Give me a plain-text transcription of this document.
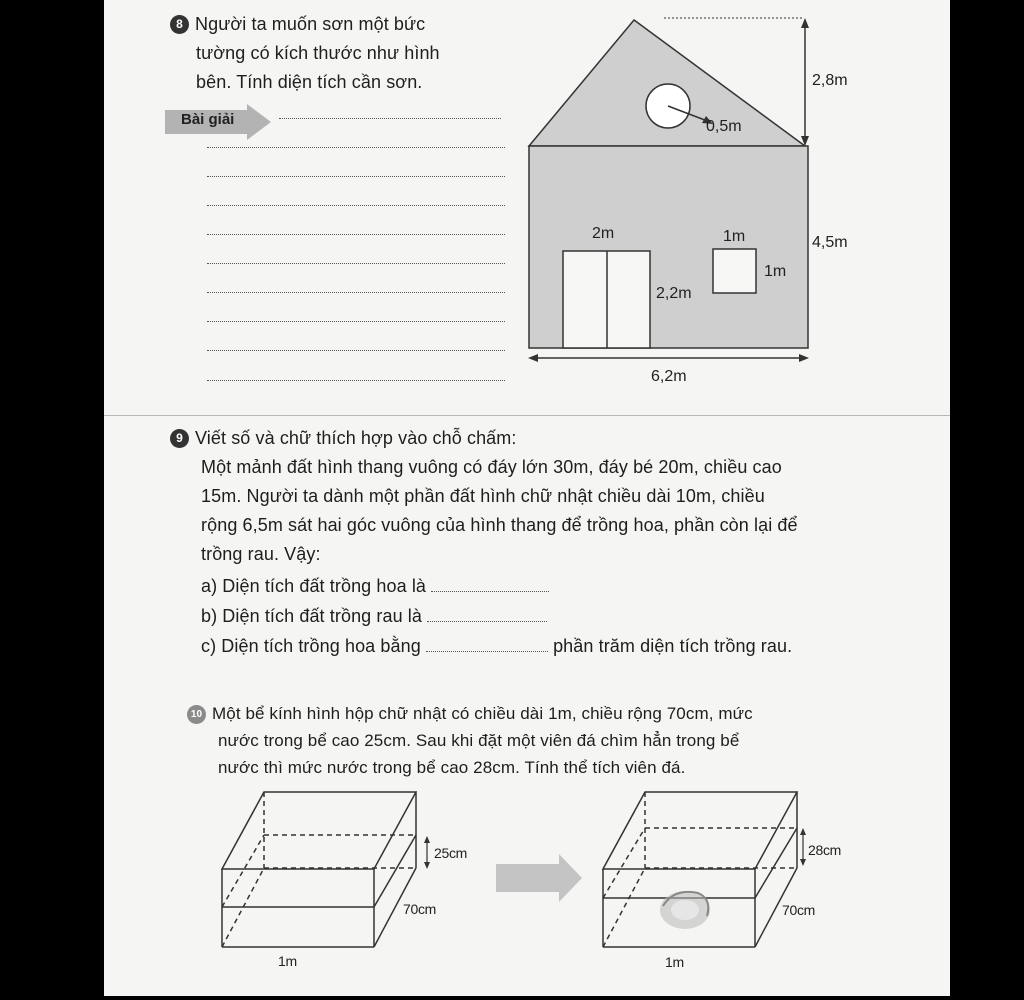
8 Người ta muốn sơn một bức
tường có kích thước như hình
bên. Tính diện tích cần sơn.
Bài giải
2,8m
0,5m
4,5m
2m	1m
1m
2,2m
6,2m
9 Viết số và chữ thích hợp vào chỗ chấm:

Một mảnh đất hình thang vuông có đáy lớn 30m, đáy bé 20m, chiều cao
15m. Người ta dành một phần đất hình chữ nhật chiều dài 10m, chiều
rộng 6,5m sát hai góc vuông của hình thang để trồng hoa, phần còn lại để
trồng rau. Vậy:

a) Diện tích đất trồng hoa là
b) Diện tích đất trồng rau là
c) Diện tích trồng hoa bằng	phần trăm diện tích trồng rau.
10 Một bể kính hình hộp chữ nhật có chiều dài 1m, chiều rộng 70cm, mức
nước trong bể cao 25cm. Sau khi đặt một viên đá chìm hẳn trong bể
nước thì mức nước trong bể cao 28cm. Tính thể tích viên đá.
25cm
70cm
1m
28cm
70cm
1m
